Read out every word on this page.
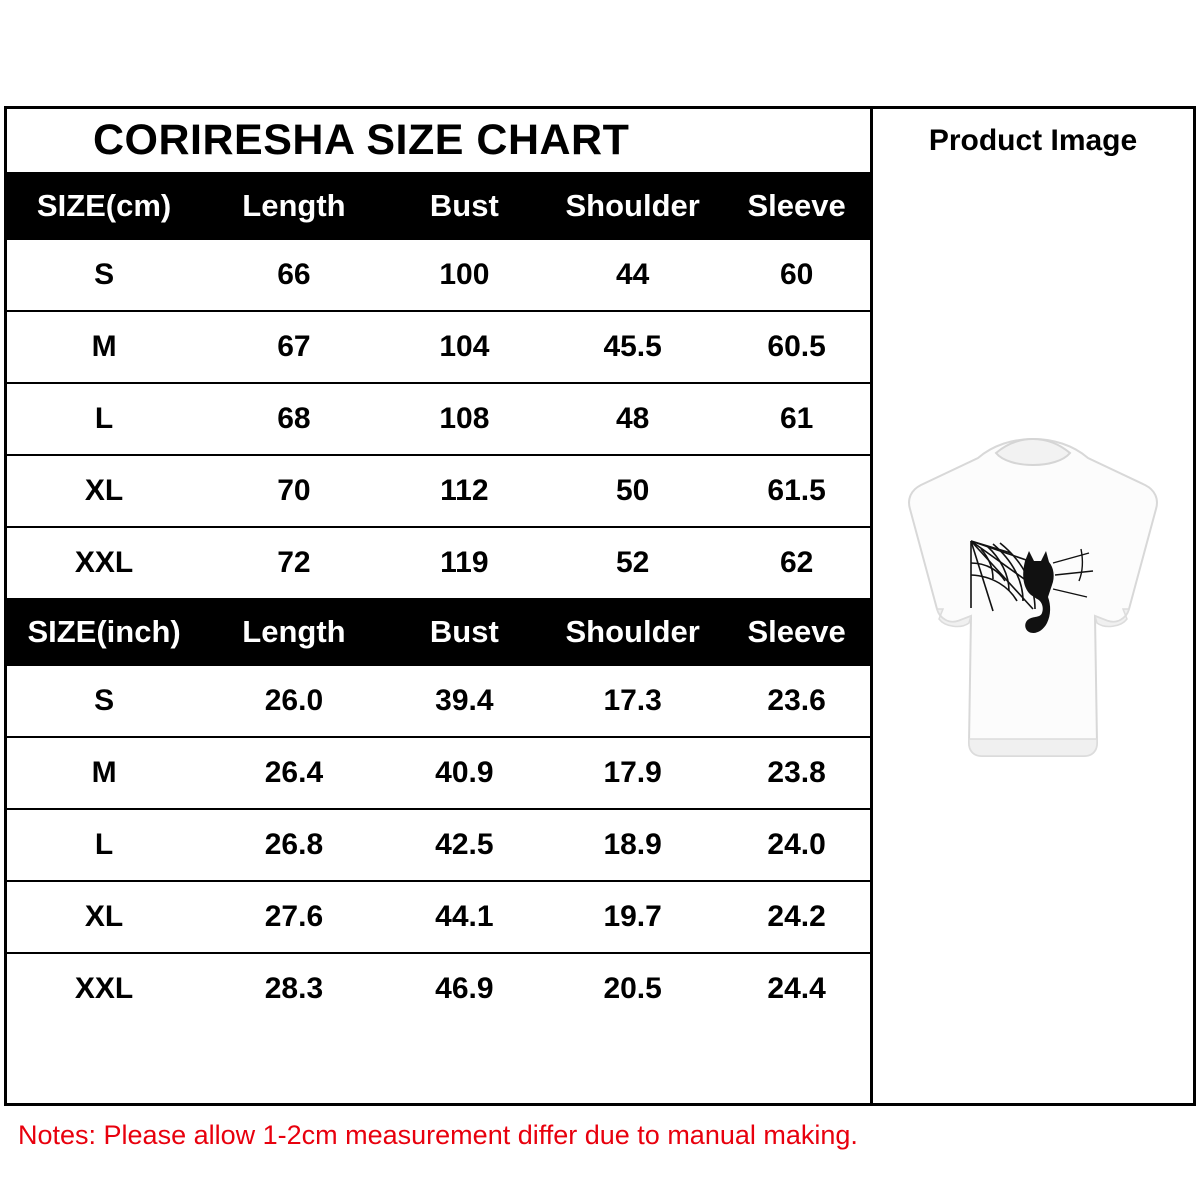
CORIRESHA SIZE CHART
SIZE(cm)	Length	Bust	Shoulder	Sleeve
S	66	100	44	60
M	67	104	45.5	60.5
L	68	108	48	61
XL	70	112	50	61.5
XXL	72	119	52	62
SIZE(inch)	Length	Bust	Shoulder	Sleeve
S	26.0	39.4	17.3	23.6
M	26.4	40.9	17.9	23.8
L	26.8	42.5	18.9	24.0
XL	27.6	44.1	19.7	24.2
XXL	28.3	46.9	20.5	24.4
Product Image
Notes: Please allow 1-2cm measurement differ due to manual making.
